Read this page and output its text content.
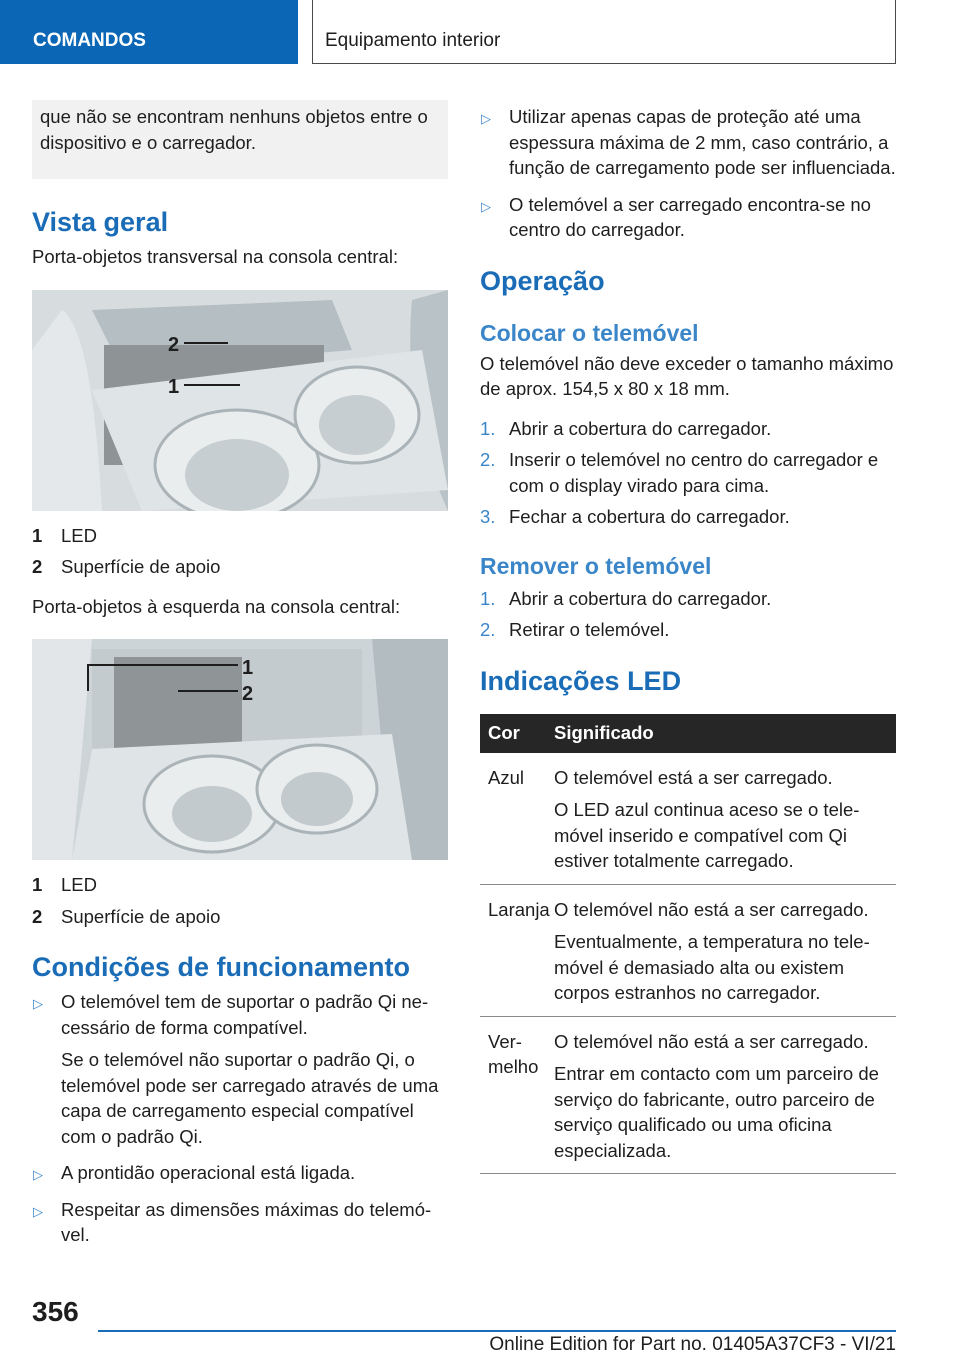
COMANDOS	Equipamento interior
que não se encontram nenhuns objetos entre o dispositivo e o carregador.
Vista geral

Porta-objetos transversal na consola central:

2
1
1	LED
2	Superfície de apoio

Porta-objetos à esquerda na consola central:

1
2
1	LED
2	Superfície de apoio
Condições de funcionamento
▷ O telemóvel tem de suportar o padrão Qi necessário de forma compatível.
Se o telemóvel não suportar o padrão Qi, o telemóvel pode ser carregado através de uma capa de carregamento especial compatível com o padrão Qi.
▷ A prontidão operacional está ligada.
▷ Respeitar as dimensões máximas do telemóvel.
▷ Utilizar apenas capas de proteção até uma espessura máxima de 2 mm, caso contrário, a função de carregamento pode ser influenciada.
▷ O telemóvel a ser carregado encontra-se no centro do carregador.
Operação
Colocar o telemóvel

O telemóvel não deve exceder o tamanho máximo de aprox. 154,5 x 80 x 18 mm.

1. Abrir a cobertura do carregador.
2. Inserir o telemóvel no centro do carregador e com o display virado para cima.
3. Fechar a cobertura do carregador.
Remover o telemóvel
1. Abrir a cobertura do carregador.
2. Retirar o telemóvel.
Indicações LED
Cor	Significado
Azul	O telemóvel está a ser carregado.
O LED azul continua aceso se o telemóvel inserido e compatível com Qi estiver totalmente carregado.

Laranja	O telemóvel não está a ser carregado.
Eventualmente, a temperatura no telemóvel é demasiado alta ou existem corpos estranhos no carregador.

Vermelho	O telemóvel não está a ser carregado.
Entrar em contacto com um parceiro de serviço do fabricante, outro parceiro de serviço qualificado ou uma oficina especializada.
356
Online Edition for Part no. 01405A37CF3 - VI/21
